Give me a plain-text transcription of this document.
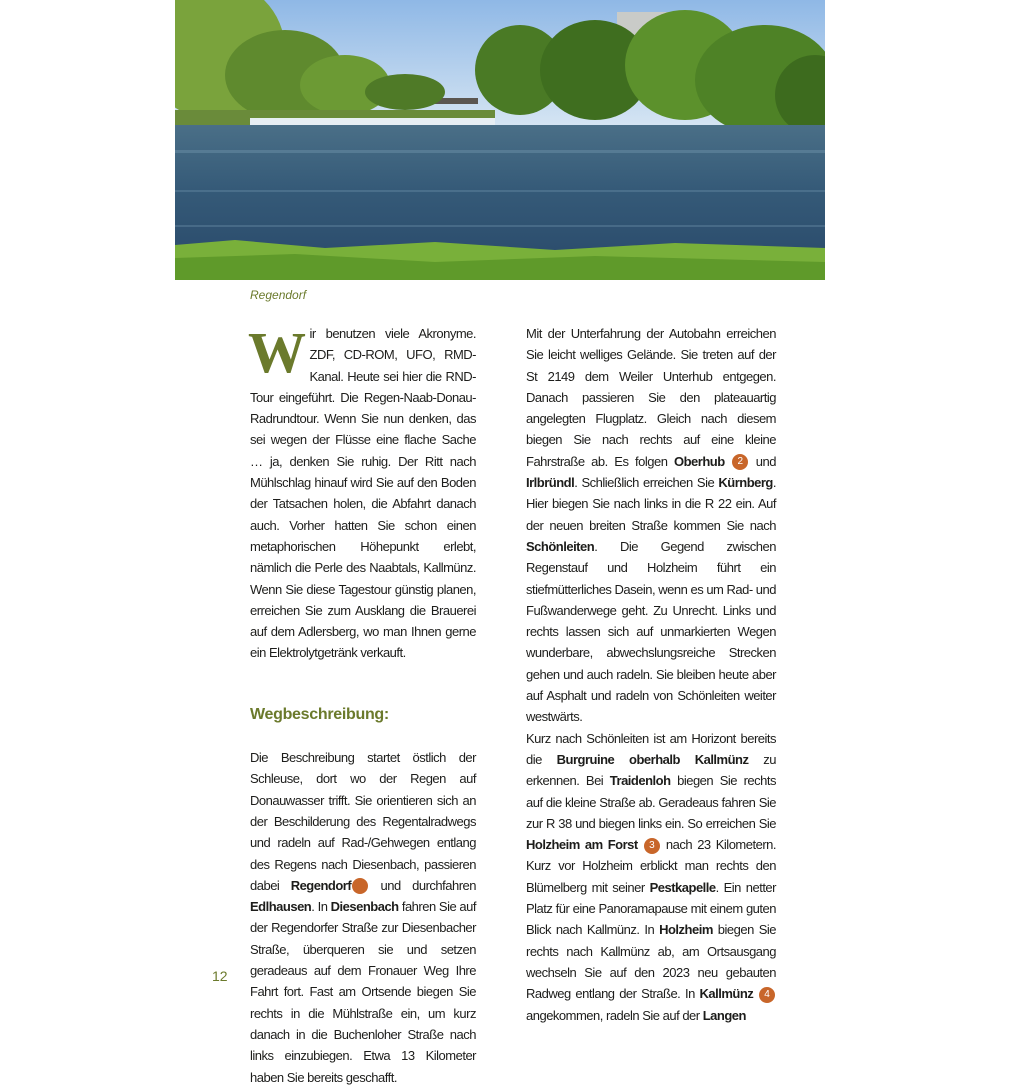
Regendorf

Wir benutzen viele Akronyme. ZDF, CD-ROM, UFO, RMD-Kanal. Heute sei hier die RND-Tour eingeführt. Die Regen-Naab-Donau-Radrundtour. Wenn Sie nun denken, das sei wegen der Flüsse eine flache Sache … ja, denken Sie ruhig. Der Ritt nach Mühlschlag hinauf wird Sie auf den Boden der Tatsachen holen, die Abfahrt danach auch. Vorher hatten Sie schon einen metaphorischen Höhepunkt erlebt, nämlich die Perle des Naabtals, Kallmünz. Wenn Sie diese Tagestour günstig planen, erreichen Sie zum Ausklang die Brauerei auf dem Adlersberg, wo man Ihnen gerne ein Elektrolytgetränk verkauft.

Wegbeschreibung:

Die Beschreibung startet östlich der Schleuse, dort wo der Regen auf Donauwasser trifft. Sie orientieren sich an der Beschilderung des Regentalradwegs und radeln auf Rad-/Gehwegen entlang des Regens nach Diesenbach, passieren dabei Regendorf und durchfahren Edlhausen. In Diesenbach fahren Sie auf der Regendorfer Straße zur Diesenbacher Straße, überqueren sie und setzen geradeaus auf dem Fronauer Weg Ihre Fahrt fort. Fast am Ortsende biegen Sie rechts in die Mühlstraße ein, um kurz danach in die Buchenloher Straße nach links einzubiegen. Etwa 13 Kilometer haben Sie bereits geschafft.

Mit der Unterfahrung der Autobahn erreichen Sie leicht welliges Gelände. Sie treten auf der St 2149 dem Weiler Unterhub entgegen. Danach passieren Sie den plateauartig angelegten Flugplatz. Gleich nach diesem biegen Sie nach rechts auf eine kleine Fahrstraße ab. Es folgen Oberhub 2 und Irlbründl. Schließlich erreichen Sie Kürnberg. Hier biegen Sie nach links in die R 22 ein. Auf der neuen breiten Straße kommen Sie nach Schönleiten. Die Gegend zwischen Regenstauf und Holzheim führt ein stiefmütterliches Dasein, wenn es um Rad- und Fußwanderwege geht. Zu Unrecht. Links und rechts lassen sich auf unmarkierten Wegen wunderbare, abwechslungsreiche Strecken gehen und auch radeln. Sie bleiben heute aber auf Asphalt und radeln von Schönleiten weiter westwärts.

Kurz nach Schönleiten ist am Horizont bereits die Burgruine oberhalb Kallmünz zu erkennen. Bei Traidenloh biegen Sie rechts auf die kleine Straße ab. Geradeaus fahren Sie zur R 38 und biegen links ein. So erreichen Sie Holzheim am Forst 3 nach 23 Kilometern. Kurz vor Holzheim erblickt man rechts den Blümelberg mit seiner Pestkapelle. Ein netter Platz für eine Panoramapause mit einem guten Blick nach Kallmünz. In Holzheim biegen Sie rechts nach Kallmünz ab, am Ortsausgang wechseln Sie auf den 2023 neu gebauten Radweg entlang der Straße. In Kallmünz 4 angekommen, radeln Sie auf der Langen

12
